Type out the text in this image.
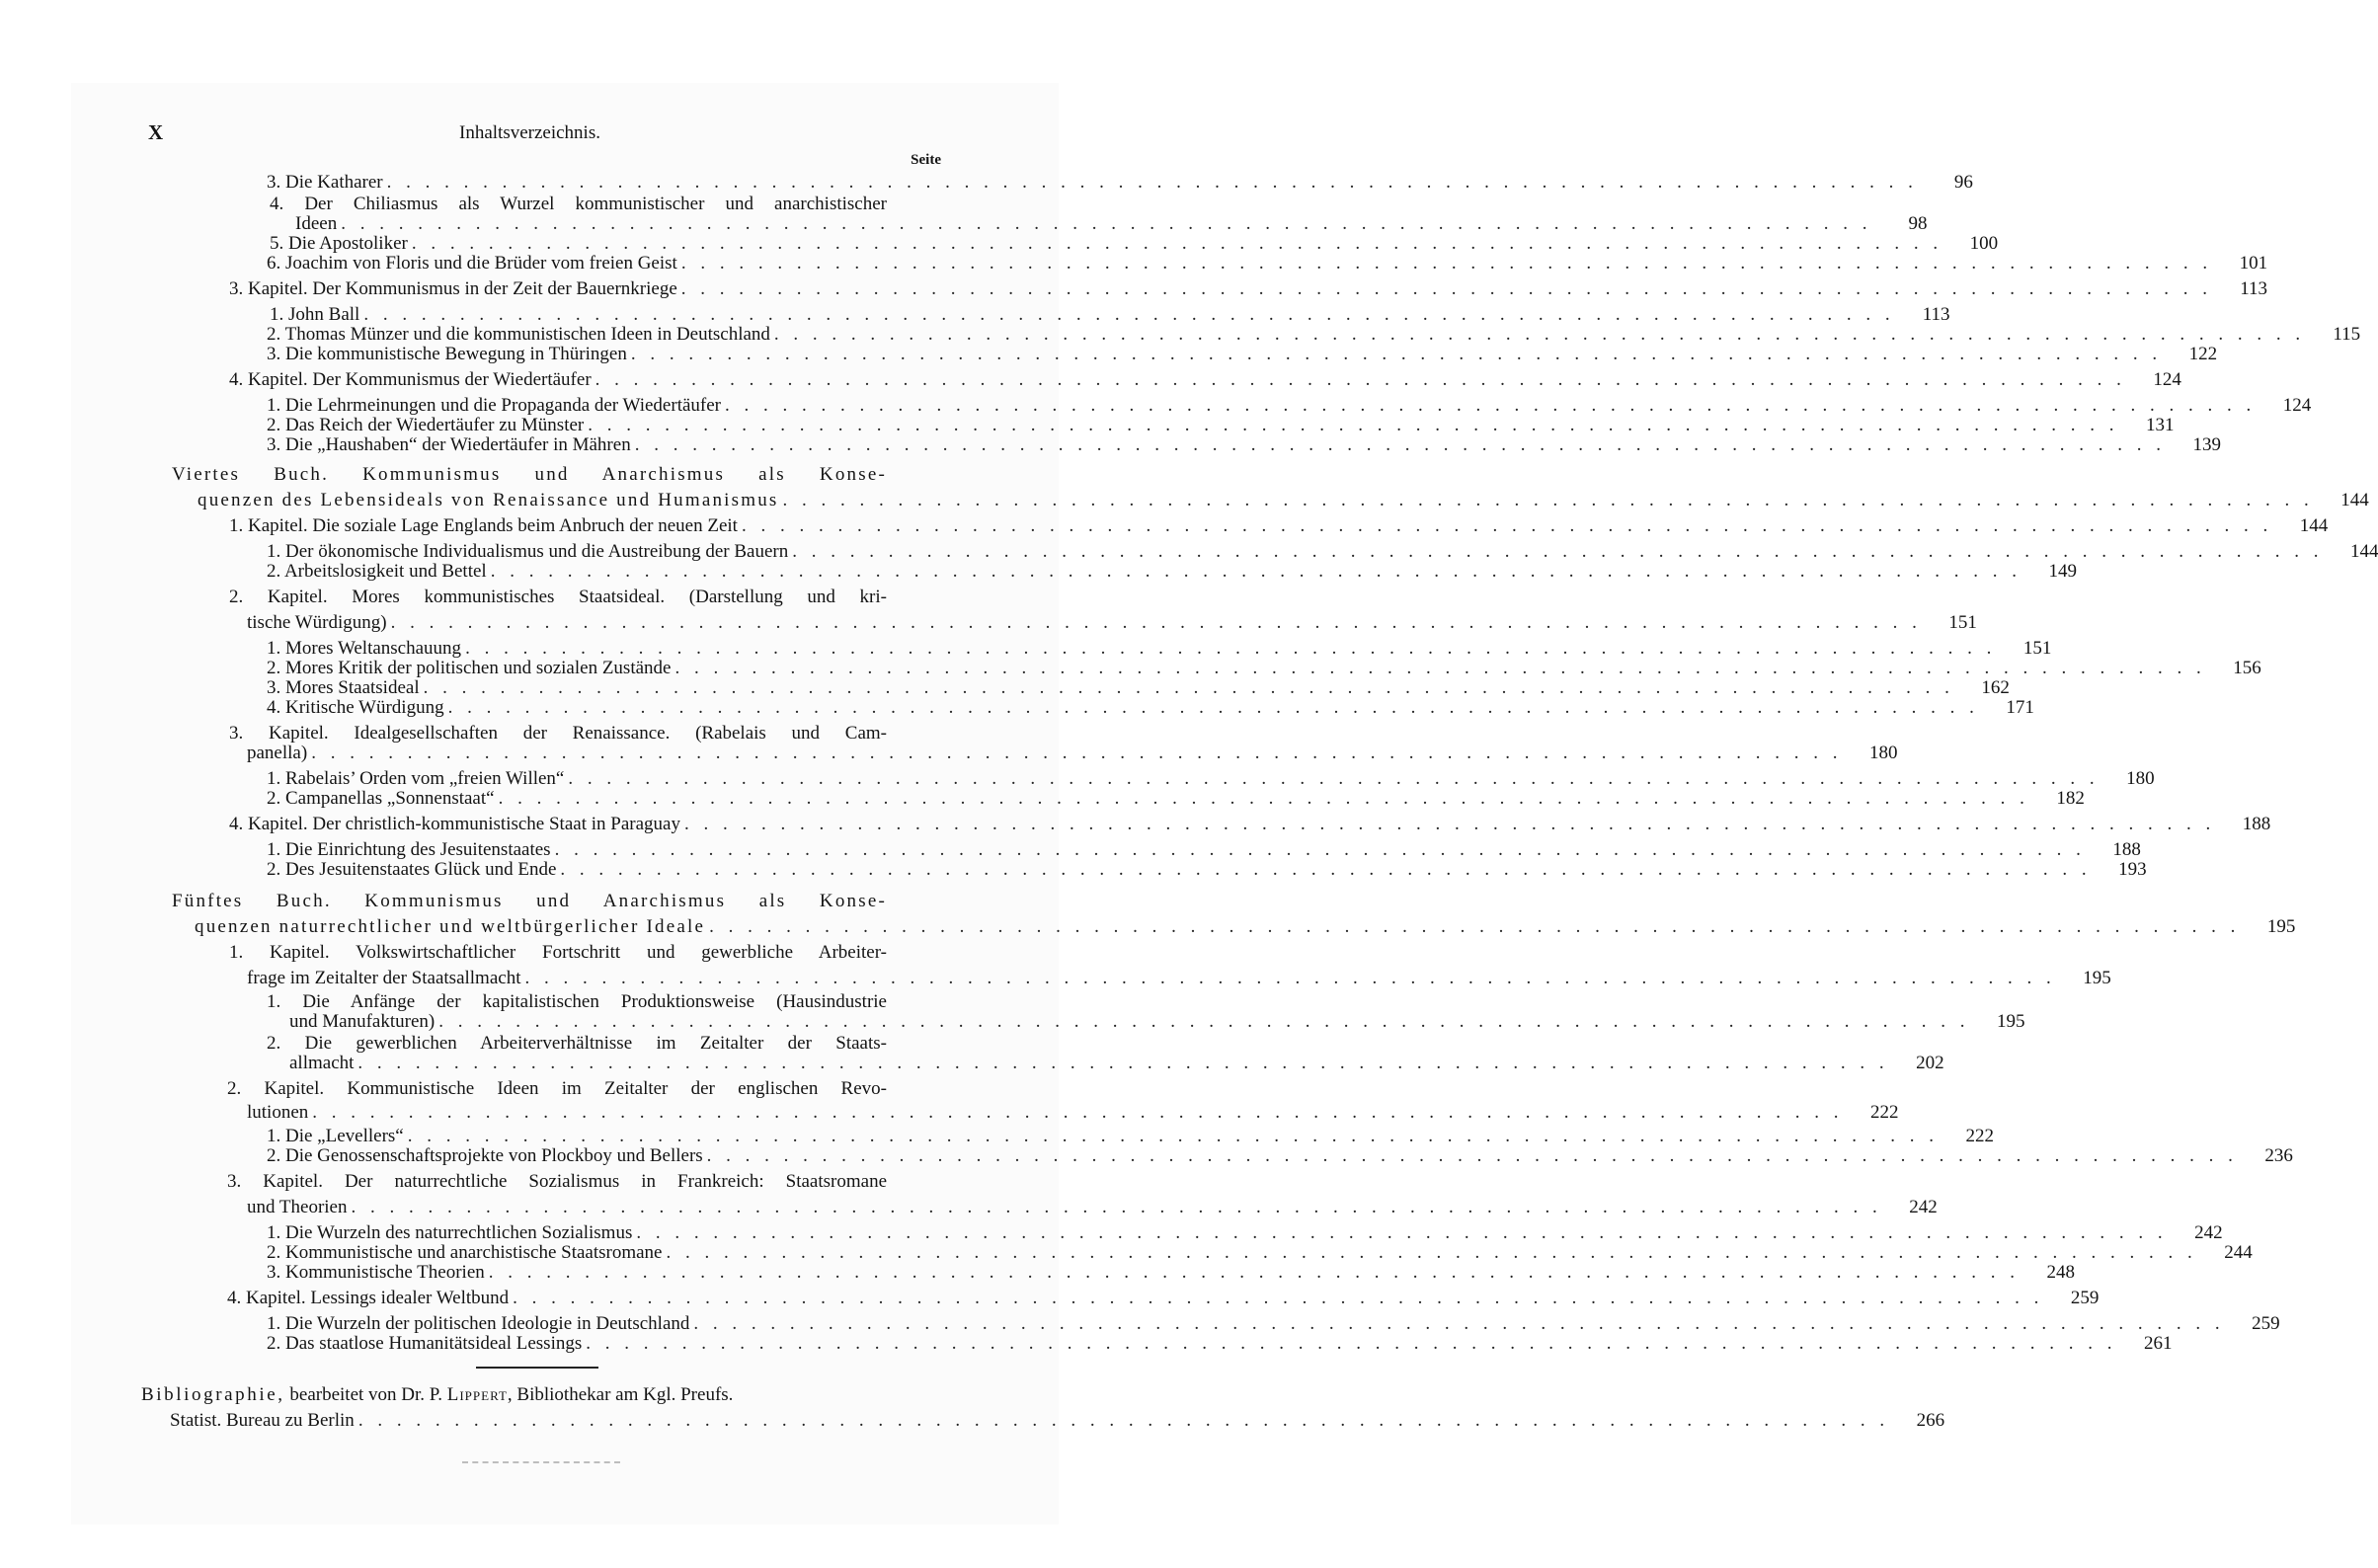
X	Inhaltsverzeichnis.
Seite
3. Die Katharer . . . . . . . . . . . . . . . . . . . . . . . . . . . . . . . . . . . . . . . . . . . . . . . . . . . . . . . . . . . . . . . . . . . . . . . . . . . . . . . .	96
4. Der Chiliasmus als Wurzel kommunistischer und anarchistischer
Ideen . . . . . . . . . . . . . . . . . . . . . . . . . . . . . . . . . . . . . . . . . . . . . . . . . . . . . . . . . . . . . . . . . . . . . . . . . . . . . . . .	98
5. Die Apostoliker . . . . . . . . . . . . . . . . . . . . . . . . . . . . . . . . . . . . . . . . . . . . . . . . . . . . . . . . . . . . . . . . . . . . . . . . . . . . . . . .	100
6. Joachim von Floris und die Brüder vom freien Geist . . . . . . . . . . . . . . . . . . . . . . . . . . . . . . . . . . . . . . . . . . . . . . . . . . . . . . . . . . . . . . . . . . . . . . . . . . . . . . . .	101
3. Kapitel. Der Kommunismus in der Zeit der Bauernkriege . . . . . . . . . . . . . . . . . . . . . . . . . . . . . . . . . . . . . . . . . . . . . . . . . . . . . . . . . . . . . . . . . . . . . . . . . . . . . . . .	113
1. John Ball . . . . . . . . . . . . . . . . . . . . . . . . . . . . . . . . . . . . . . . . . . . . . . . . . . . . . . . . . . . . . . . . . . . . . . . . . . . . . . . .	113
2. Thomas Münzer und die kommunistischen Ideen in Deutschland . . . . . . . . . . . . . . . . . . . . . . . . . . . . . . . . . . . . . . . . . . . . . . . . . . . . . . . . . . . . . . . . . . . . . . . . . . . . . . . .	115
3. Die kommunistische Bewegung in Thüringen . . . . . . . . . . . . . . . . . . . . . . . . . . . . . . . . . . . . . . . . . . . . . . . . . . . . . . . . . . . . . . . . . . . . . . . . . . . . . . . .	122
4. Kapitel. Der Kommunismus der Wiedertäufer . . . . . . . . . . . . . . . . . . . . . . . . . . . . . . . . . . . . . . . . . . . . . . . . . . . . . . . . . . . . . . . . . . . . . . . . . . . . . . . .	124
1. Die Lehrmeinungen und die Propaganda der Wiedertäufer . . . . . . . . . . . . . . . . . . . . . . . . . . . . . . . . . . . . . . . . . . . . . . . . . . . . . . . . . . . . . . . . . . . . . . . . . . . . . . . .	124
2. Das Reich der Wiedertäufer zu Münster . . . . . . . . . . . . . . . . . . . . . . . . . . . . . . . . . . . . . . . . . . . . . . . . . . . . . . . . . . . . . . . . . . . . . . . . . . . . . . . .	131
3. Die „Haushaben“ der Wiedertäufer in Mähren . . . . . . . . . . . . . . . . . . . . . . . . . . . . . . . . . . . . . . . . . . . . . . . . . . . . . . . . . . . . . . . . . . . . . . . . . . . . . . . .	139
Viertes Buch. Kommunismus und Anarchismus als Konse-
quenzen des Lebensideals von Renaissance und Humanismus . . . . . . . . . . . . . . . . . . . . . . . . . . . . . . . . . . . . . . . . . . . . . . . . . . . . . . . . . . . . . . . . . . . . . . . . . . . . . . . .	144
1. Kapitel. Die soziale Lage Englands beim Anbruch der neuen Zeit . . . . . . . . . . . . . . . . . . . . . . . . . . . . . . . . . . . . . . . . . . . . . . . . . . . . . . . . . . . . . . . . . . . . . . . . . . . . . . . .	144
1. Der ökonomische Individualismus und die Austreibung der Bauern . . . . . . . . . . . . . . . . . . . . . . . . . . . . . . . . . . . . . . . . . . . . . . . . . . . . . . . . . . . . . . . . . . . . . . . . . . . . . . . .	144
2. Arbeitslosigkeit und Bettel . . . . . . . . . . . . . . . . . . . . . . . . . . . . . . . . . . . . . . . . . . . . . . . . . . . . . . . . . . . . . . . . . . . . . . . . . . . . . . . .	149
2. Kapitel. Mores kommunistisches Staatsideal. (Darstellung und kri-
tische Würdigung) . . . . . . . . . . . . . . . . . . . . . . . . . . . . . . . . . . . . . . . . . . . . . . . . . . . . . . . . . . . . . . . . . . . . . . . . . . . . . . . .	151
1. Mores Weltanschauung . . . . . . . . . . . . . . . . . . . . . . . . . . . . . . . . . . . . . . . . . . . . . . . . . . . . . . . . . . . . . . . . . . . . . . . . . . . . . . . .	151
2. Mores Kritik der politischen und sozialen Zustände . . . . . . . . . . . . . . . . . . . . . . . . . . . . . . . . . . . . . . . . . . . . . . . . . . . . . . . . . . . . . . . . . . . . . . . . . . . . . . . .	156
3. Mores Staatsideal . . . . . . . . . . . . . . . . . . . . . . . . . . . . . . . . . . . . . . . . . . . . . . . . . . . . . . . . . . . . . . . . . . . . . . . . . . . . . . . .	162
4. Kritische Würdigung . . . . . . . . . . . . . . . . . . . . . . . . . . . . . . . . . . . . . . . . . . . . . . . . . . . . . . . . . . . . . . . . . . . . . . . . . . . . . . . .	171
3. Kapitel. Idealgesellschaften der Renaissance. (Rabelais und Cam-
panella) . . . . . . . . . . . . . . . . . . . . . . . . . . . . . . . . . . . . . . . . . . . . . . . . . . . . . . . . . . . . . . . . . . . . . . . . . . . . . . . .	180
1. Rabelais’ Orden vom „freien Willen“ . . . . . . . . . . . . . . . . . . . . . . . . . . . . . . . . . . . . . . . . . . . . . . . . . . . . . . . . . . . . . . . . . . . . . . . . . . . . . . . .	180
2. Campanellas „Sonnenstaat“ . . . . . . . . . . . . . . . . . . . . . . . . . . . . . . . . . . . . . . . . . . . . . . . . . . . . . . . . . . . . . . . . . . . . . . . . . . . . . . . .	182
4. Kapitel. Der christlich-kommunistische Staat in Paraguay . . . . . . . . . . . . . . . . . . . . . . . . . . . . . . . . . . . . . . . . . . . . . . . . . . . . . . . . . . . . . . . . . . . . . . . . . . . . . . . .	188
1. Die Einrichtung des Jesuitenstaates . . . . . . . . . . . . . . . . . . . . . . . . . . . . . . . . . . . . . . . . . . . . . . . . . . . . . . . . . . . . . . . . . . . . . . . . . . . . . . . .	188
2. Des Jesuitenstaates Glück und Ende . . . . . . . . . . . . . . . . . . . . . . . . . . . . . . . . . . . . . . . . . . . . . . . . . . . . . . . . . . . . . . . . . . . . . . . . . . . . . . . .	193
Fünftes Buch. Kommunismus und Anarchismus als Konse-
quenzen naturrechtlicher und weltbürgerlicher Ideale . . . . . . . . . . . . . . . . . . . . . . . . . . . . . . . . . . . . . . . . . . . . . . . . . . . . . . . . . . . . . . . . . . . . . . . . . . . . . . . .	195
1. Kapitel. Volkswirtschaftlicher Fortschritt und gewerbliche Arbeiter-
frage im Zeitalter der Staatsallmacht . . . . . . . . . . . . . . . . . . . . . . . . . . . . . . . . . . . . . . . . . . . . . . . . . . . . . . . . . . . . . . . . . . . . . . . . . . . . . . . .	195
1. Die Anfänge der kapitalistischen Produktionsweise (Hausindustrie
und Manufakturen) . . . . . . . . . . . . . . . . . . . . . . . . . . . . . . . . . . . . . . . . . . . . . . . . . . . . . . . . . . . . . . . . . . . . . . . . . . . . . . . .	195
2. Die gewerblichen Arbeiterverhältnisse im Zeitalter der Staats-
allmacht . . . . . . . . . . . . . . . . . . . . . . . . . . . . . . . . . . . . . . . . . . . . . . . . . . . . . . . . . . . . . . . . . . . . . . . . . . . . . . . .	202
2. Kapitel. Kommunistische Ideen im Zeitalter der englischen Revo-
lutionen . . . . . . . . . . . . . . . . . . . . . . . . . . . . . . . . . . . . . . . . . . . . . . . . . . . . . . . . . . . . . . . . . . . . . . . . . . . . . . . .	222
1. Die „Levellers“ . . . . . . . . . . . . . . . . . . . . . . . . . . . . . . . . . . . . . . . . . . . . . . . . . . . . . . . . . . . . . . . . . . . . . . . . . . . . . . . .	222
2. Die Genossenschaftsprojekte von Plockboy und Bellers . . . . . . . . . . . . . . . . . . . . . . . . . . . . . . . . . . . . . . . . . . . . . . . . . . . . . . . . . . . . . . . . . . . . . . . . . . . . . . . .	236
3. Kapitel. Der naturrechtliche Sozialismus in Frankreich: Staatsromane
und Theorien . . . . . . . . . . . . . . . . . . . . . . . . . . . . . . . . . . . . . . . . . . . . . . . . . . . . . . . . . . . . . . . . . . . . . . . . . . . . . . . .	242
1. Die Wurzeln des naturrechtlichen Sozialismus . . . . . . . . . . . . . . . . . . . . . . . . . . . . . . . . . . . . . . . . . . . . . . . . . . . . . . . . . . . . . . . . . . . . . . . . . . . . . . . .	242
2. Kommunistische und anarchistische Staatsromane . . . . . . . . . . . . . . . . . . . . . . . . . . . . . . . . . . . . . . . . . . . . . . . . . . . . . . . . . . . . . . . . . . . . . . . . . . . . . . . .	244
3. Kommunistische Theorien . . . . . . . . . . . . . . . . . . . . . . . . . . . . . . . . . . . . . . . . . . . . . . . . . . . . . . . . . . . . . . . . . . . . . . . . . . . . . . . .	248
4. Kapitel. Lessings idealer Weltbund . . . . . . . . . . . . . . . . . . . . . . . . . . . . . . . . . . . . . . . . . . . . . . . . . . . . . . . . . . . . . . . . . . . . . . . . . . . . . . . .	259
1. Die Wurzeln der politischen Ideologie in Deutschland . . . . . . . . . . . . . . . . . . . . . . . . . . . . . . . . . . . . . . . . . . . . . . . . . . . . . . . . . . . . . . . . . . . . . . . . . . . . . . . .	259
2. Das staatlose Humanitätsideal Lessings . . . . . . . . . . . . . . . . . . . . . . . . . . . . . . . . . . . . . . . . . . . . . . . . . . . . . . . . . . . . . . . . . . . . . . . . . . . . . . . .	261
Bibliographie, bearbeitet von Dr. P. Lippert, Bibliothekar am Kgl. Preufs.
Statist. Bureau zu Berlin . . . . . . . . . . . . . . . . . . . . . . . . . . . . . . . . . . . . . . . . . . . . . . . . . . . . . . . . . . . . . . . . . . . . . . . . . . . . . . . .	266
